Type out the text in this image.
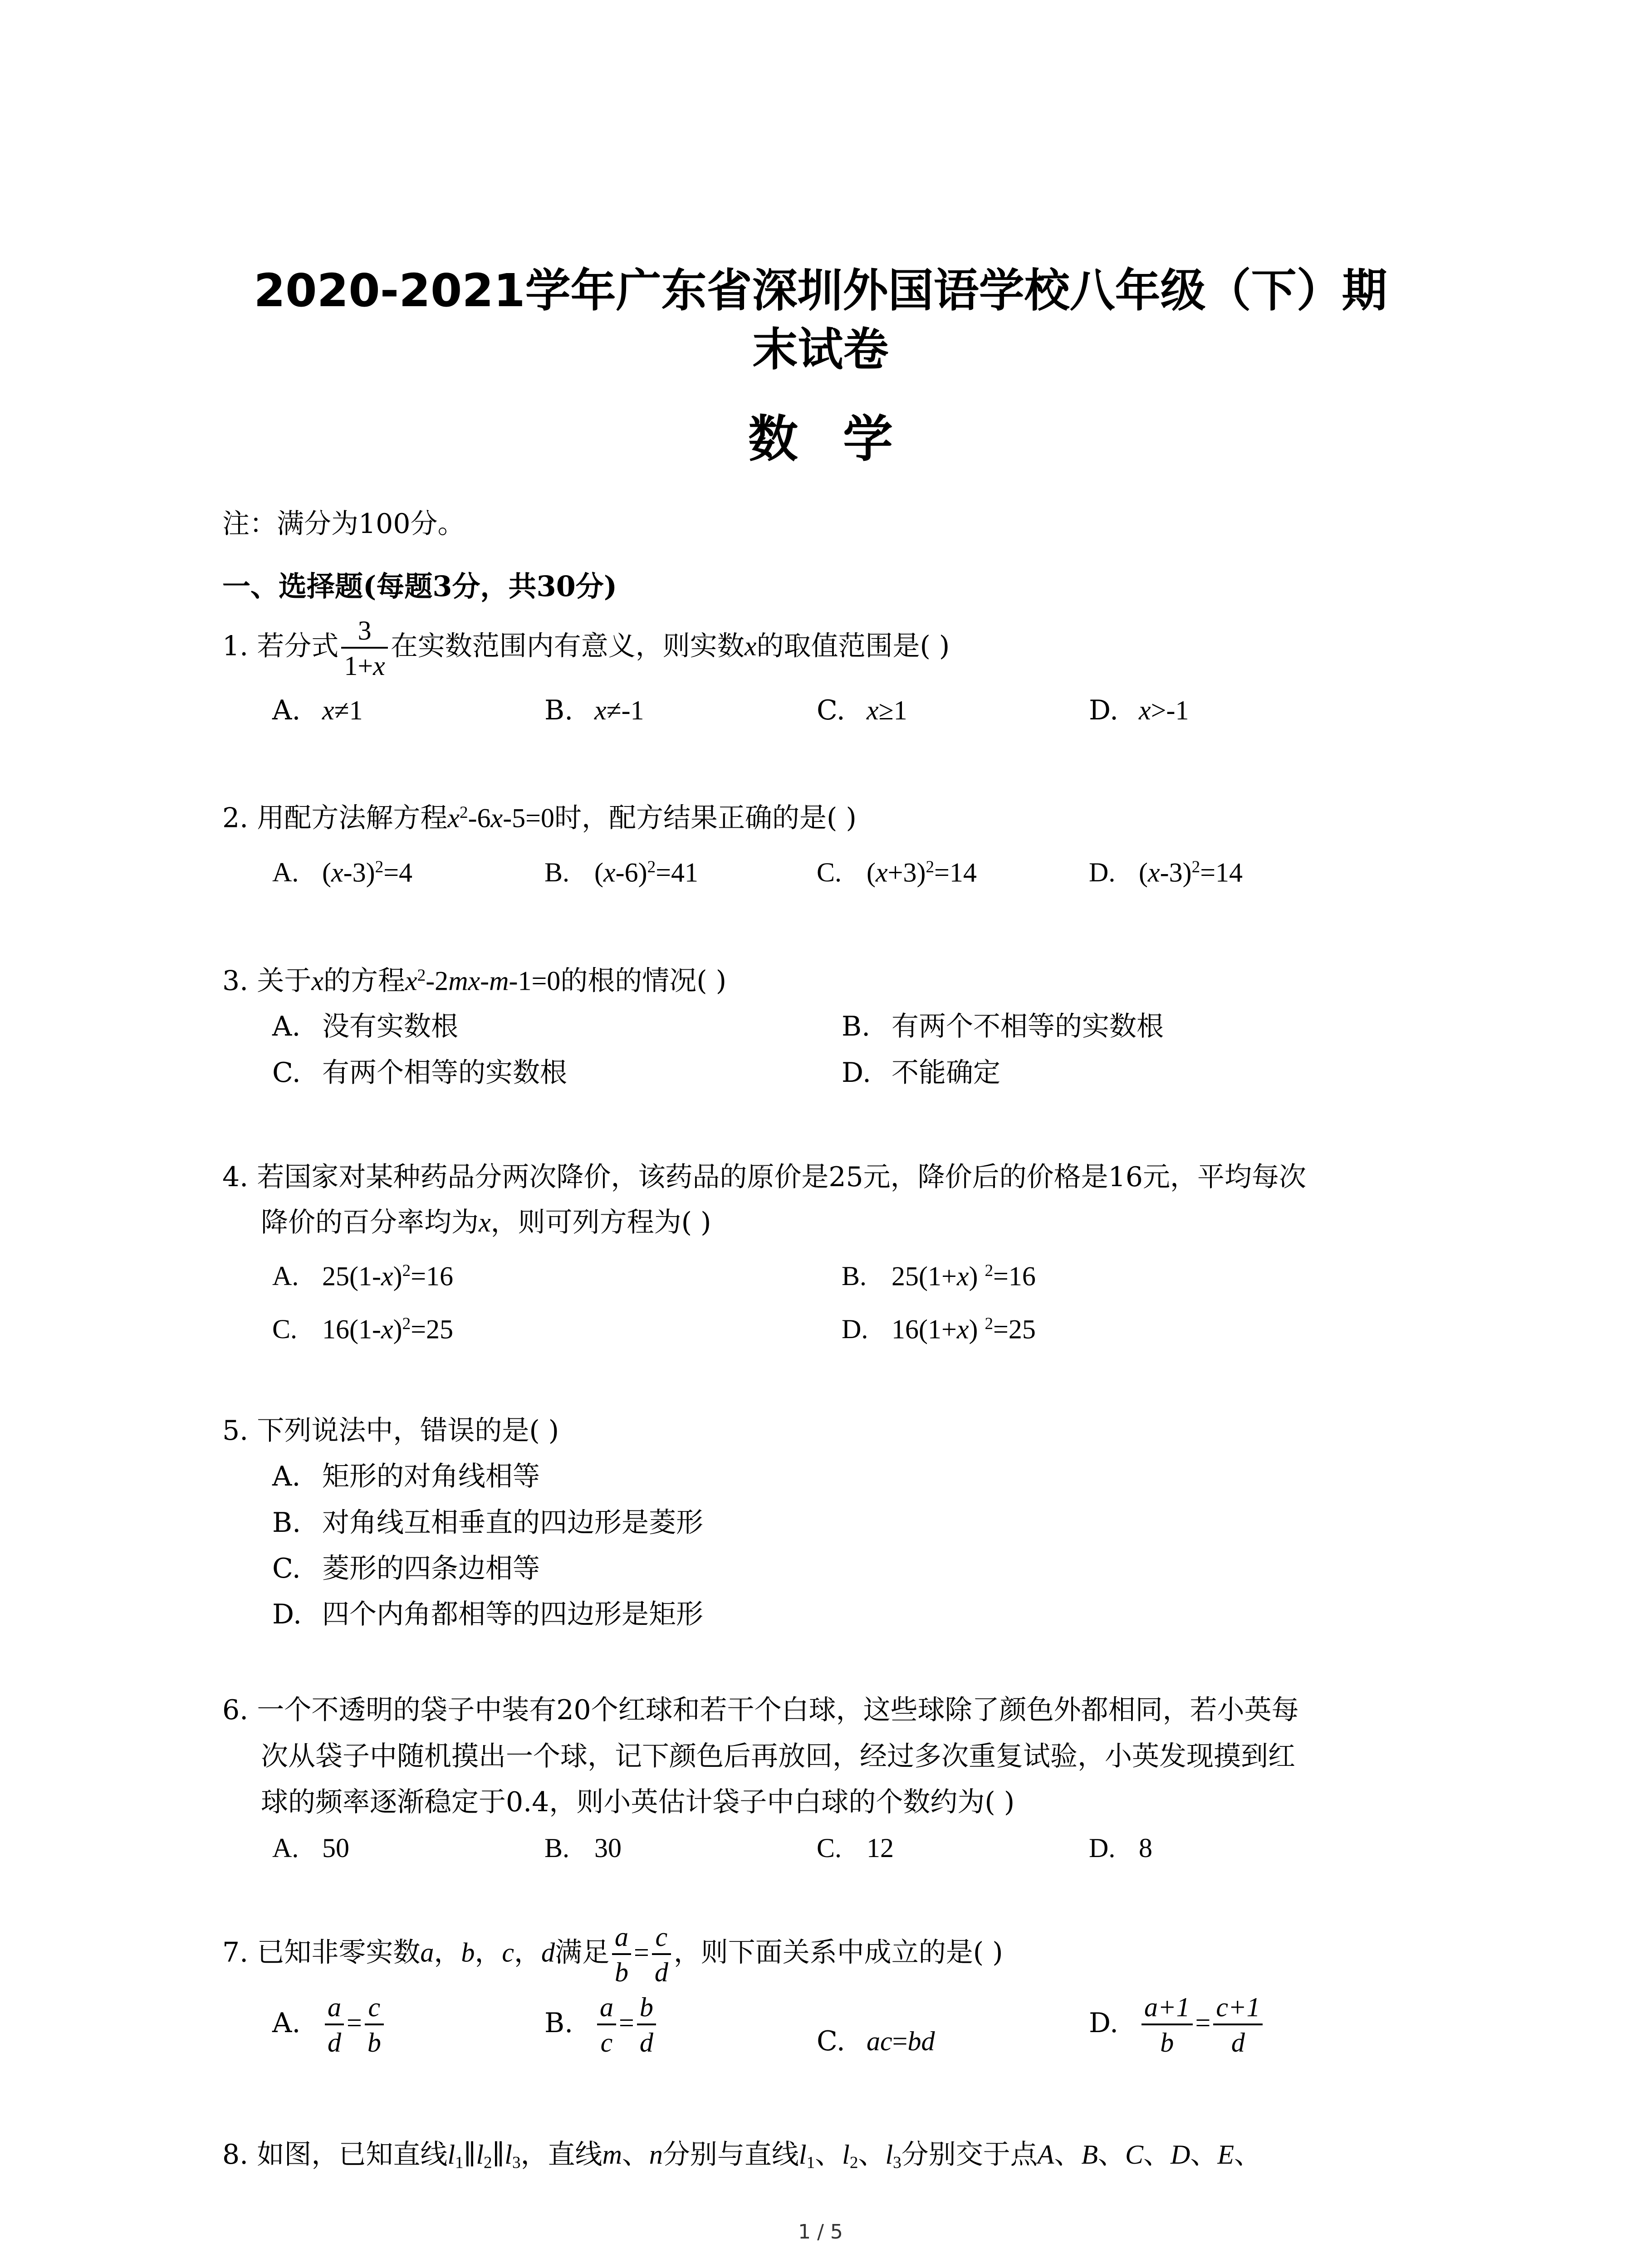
2020-2021学年广东省深圳外国语学校八年级（下）期
末试卷
数学
注：满分为100分。
一、选择题(每题3分，共30分)
1. 若分式 $\frac{3}{1+x}$ 在实数范围内有意义，则实数x的取值范围是( )
A. x≠1	B. x≠-1	C. x≥1	D. x>-1
2. 用配方法解方程$x^2-6x-5=0$时，配方结果正确的是( )
A. $(x-3)^2=4$	B. $(x-6)^2=41$	C. $(x+3)^2=14$	D. $(x-3)^2=14$
3. 关于x的方程$x^2-2mx-m-1=0$的根的情况( )
A. 没有实数根	B. 有两个不相等的实数根
C. 有两个相等的实数根	D. 不能确定
4. 若国家对某种药品分两次降价，该药品的原价是25元，降价后的价格是16元，平均每次
降价的百分率均为x，则可列方程为( )
A. $25(1-x)^2=16$	B. 25(1+x) $^2$=16
C. $16(1-x)^2=25$	D. 16(1+x) $^2$=25
5. 下列说法中，错误的是( )
A. 矩形的对角线相等
B. 对角线互相垂直的四边形是菱形
C. 菱形的四条边相等
D. 四个内角都相等的四边形是矩形
6. 一个不透明的袋子中装有20个红球和若干个白球，这些球除了颜色外都相同，若小英每
次从袋子中随机摸出一个球，记下颜色后再放回，经过多次重复试验，小英发现摸到红
球的频率逐渐稳定于0.4，则小英估计袋子中白球的个数约为( )
A. 50	B. 30	C. 12	D. 8
7. 已知非零实数a，b，c，d满足 $\frac{a}{b} = \frac{c}{d}$ ，则下面关系中成立的是( )
A. $\frac{a}{d} = \frac{c}{b}$	B. $\frac{a}{c} = \frac{b}{d}$	C. ac=bd
D. $\frac{a+1}{b} = \frac{c+1}{d}$
8. 如图，已知直线$l_1\parallel l_2\parallel l_3$，直线m、n分别与直线$l_1$、$l_2$、$l_3$分别交于点A、B、C、D、E、
1 / 5
